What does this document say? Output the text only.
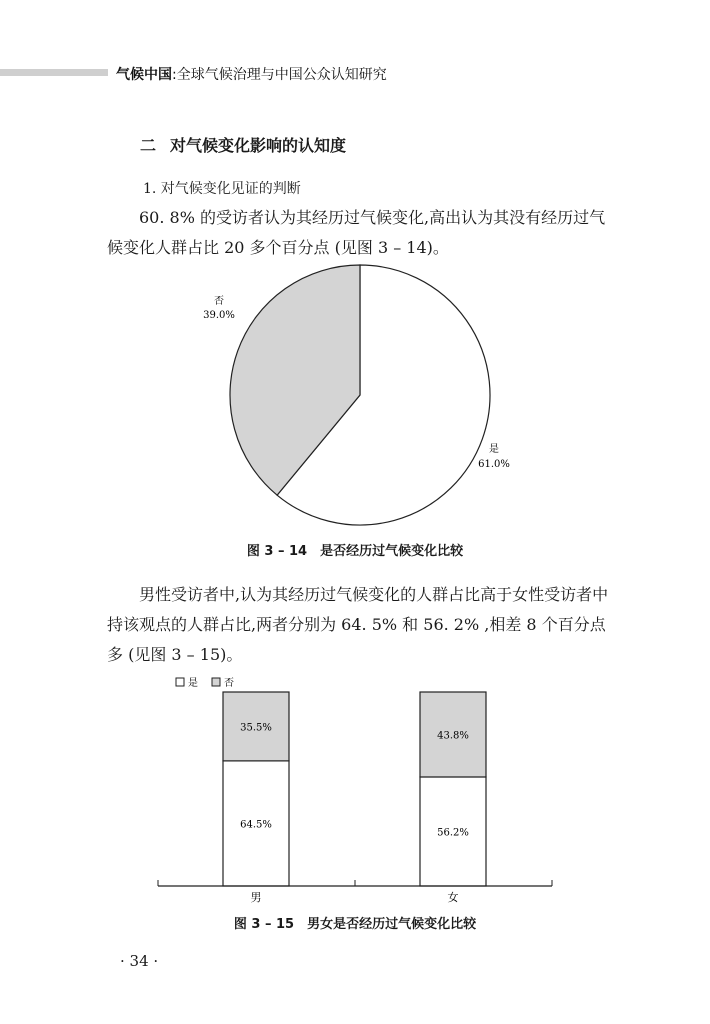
气候中国:全球气候治理与中国公众认知研究
二 对气候变化影响的认知度
1. 对气候变化见证的判断

60. 8% 的受访者认为其经历过气候变化,高出认为其没有经历过气候变化人群占比 20 多个百分点 (见图 3 – 14)。

否
39.0%
是
61.0%
图 3 – 14　是否经历过气候变化比较

男性受访者中,认为其经历过气候变化的人群占比高于女性受访者中持该观点的人群占比,两者分别为 64. 5% 和 56. 2% ,相差 8 个百分点多 (见图 3 – 15)。

是	否
35.5%
64.5%
43.8%
56.2%
男	女
图 3 – 15　男女是否经历过气候变化比较
· 34 ·
